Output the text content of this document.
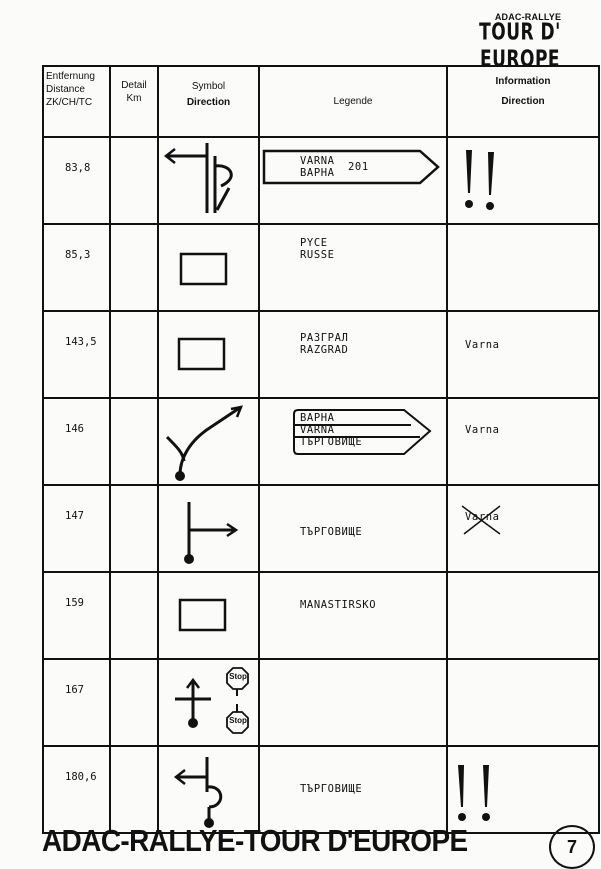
ADAC-RALLYE
TOUR D' EUROPE
Entfernung
Distance
ZK/CH/TC	Detail
Km	Symbol
Direction	Legende	Information
Direction
83,8			VARNA
BAPHA 201

85,3			PYCE
RUSSE	

143,5			PA3ГPAЛ
RAZGRAD	Varna

146			BAPHA
VARNA
TЪPГOBИЩE	Varna

147			TЪPГOBИЩE	Varna

159			MANASTIRSKO	

167		Stop
Stop		

180,6			TЪPГOBИЩE

ADAC-RALLYE-TOUR D'EUROPE	7
